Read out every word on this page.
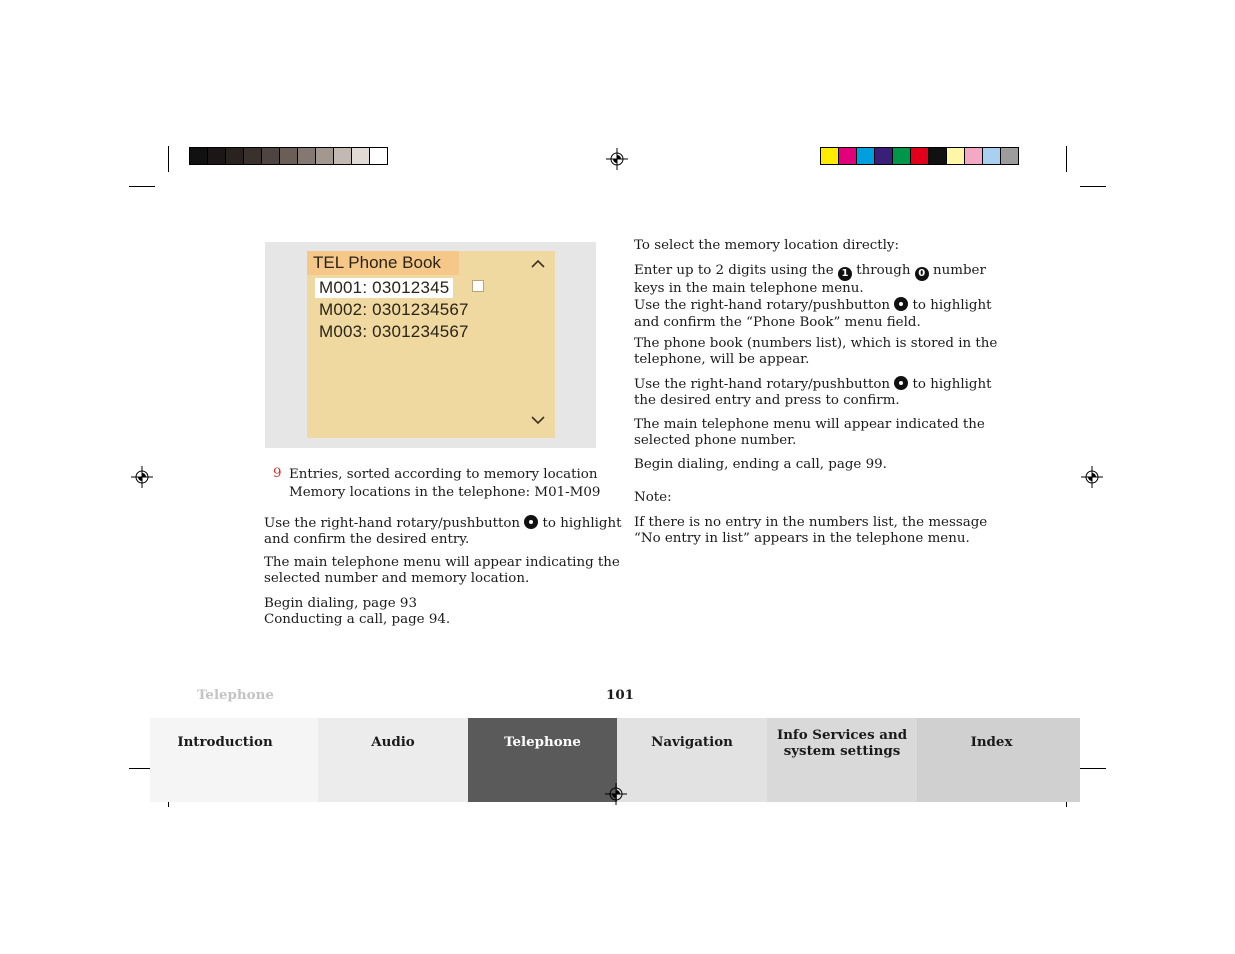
TEL Phone Book
M001: 03012345
M002: 0301234567
M003: 0301234567
9 Entries, sorted according to memory location
Memory locations in the telephone: M01-M09
Use the right-hand rotary/pushbutton to highlight
and confirm the desired entry.
The main telephone menu will appear indicating the
selected number and memory location.
Begin dialing, page 93
Conducting a call, page 94.
To select the memory location directly:
Enter up to 2 digits using the 1 through 0 number
keys in the main telephone menu.
Use the right-hand rotary/pushbutton to highlight
and confirm the “Phone Book” menu field.
The phone book (numbers list), which is stored in the
telephone, will be appear.
Use the right-hand rotary/pushbutton to highlight
the desired entry and press to confirm.
The main telephone menu will appear indicated the
selected phone number.
Begin dialing, ending a call, page 99.
Note:
If there is no entry in the numbers list, the message
“No entry in list” appears in the telephone menu.
Telephone	101
Introduction	Audio	Telephone	Navigation	Info Services and
system settings
Index
